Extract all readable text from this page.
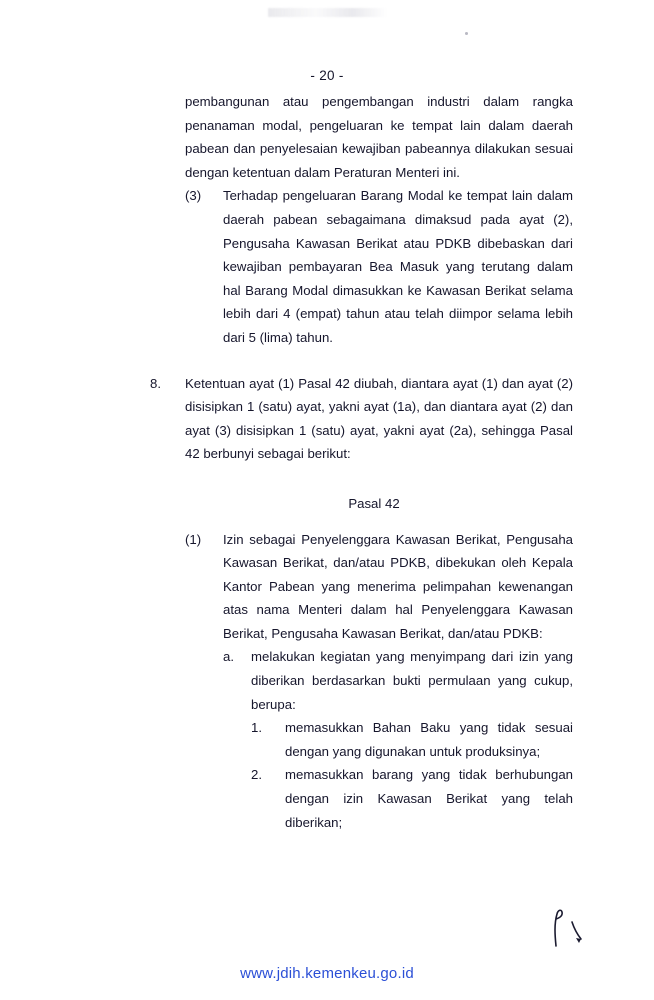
- 20 -

pembangunan atau pengembangan industri dalam rangka penanaman modal, pengeluaran ke tempat lain dalam daerah pabean dan penyelesaian kewajiban pabeannya dilakukan sesuai dengan ketentuan dalam Peraturan Menteri ini.

(3)	Terhadap pengeluaran Barang Modal ke tempat lain dalam daerah pabean sebagaimana dimaksud pada ayat (2), Pengusaha Kawasan Berikat atau PDKB dibebaskan dari kewajiban pembayaran Bea Masuk yang terutang dalam hal Barang Modal dimasukkan ke Kawasan Berikat selama lebih dari 4 (empat) tahun atau telah diimpor selama lebih dari 5 (lima) tahun.
8.	Ketentuan ayat (1) Pasal 42 diubah, diantara ayat (1) dan ayat (2) disisipkan 1 (satu) ayat, yakni ayat (1a), dan diantara ayat (2) dan ayat (3) disisipkan 1 (satu) ayat, yakni ayat (2a), sehingga Pasal 42 berbunyi sebagai berikut:

Pasal 42

(1)	Izin sebagai Penyelenggara Kawasan Berikat, Pengusaha Kawasan Berikat, dan/atau PDKB, dibekukan oleh Kepala Kantor Pabean yang menerima pelimpahan kewenangan atas nama Menteri dalam hal Penyelenggara Kawasan Berikat, Pengusaha Kawasan Berikat, dan/atau PDKB:
a.	melakukan kegiatan yang menyimpang dari izin yang diberikan berdasarkan bukti permulaan yang cukup, berupa:
1.	memasukkan Bahan Baku yang tidak sesuai dengan yang digunakan untuk produksinya;
2.	memasukkan barang yang tidak berhubungan dengan izin Kawasan Berikat yang telah diberikan;
www.jdih.kemenkeu.go.id
